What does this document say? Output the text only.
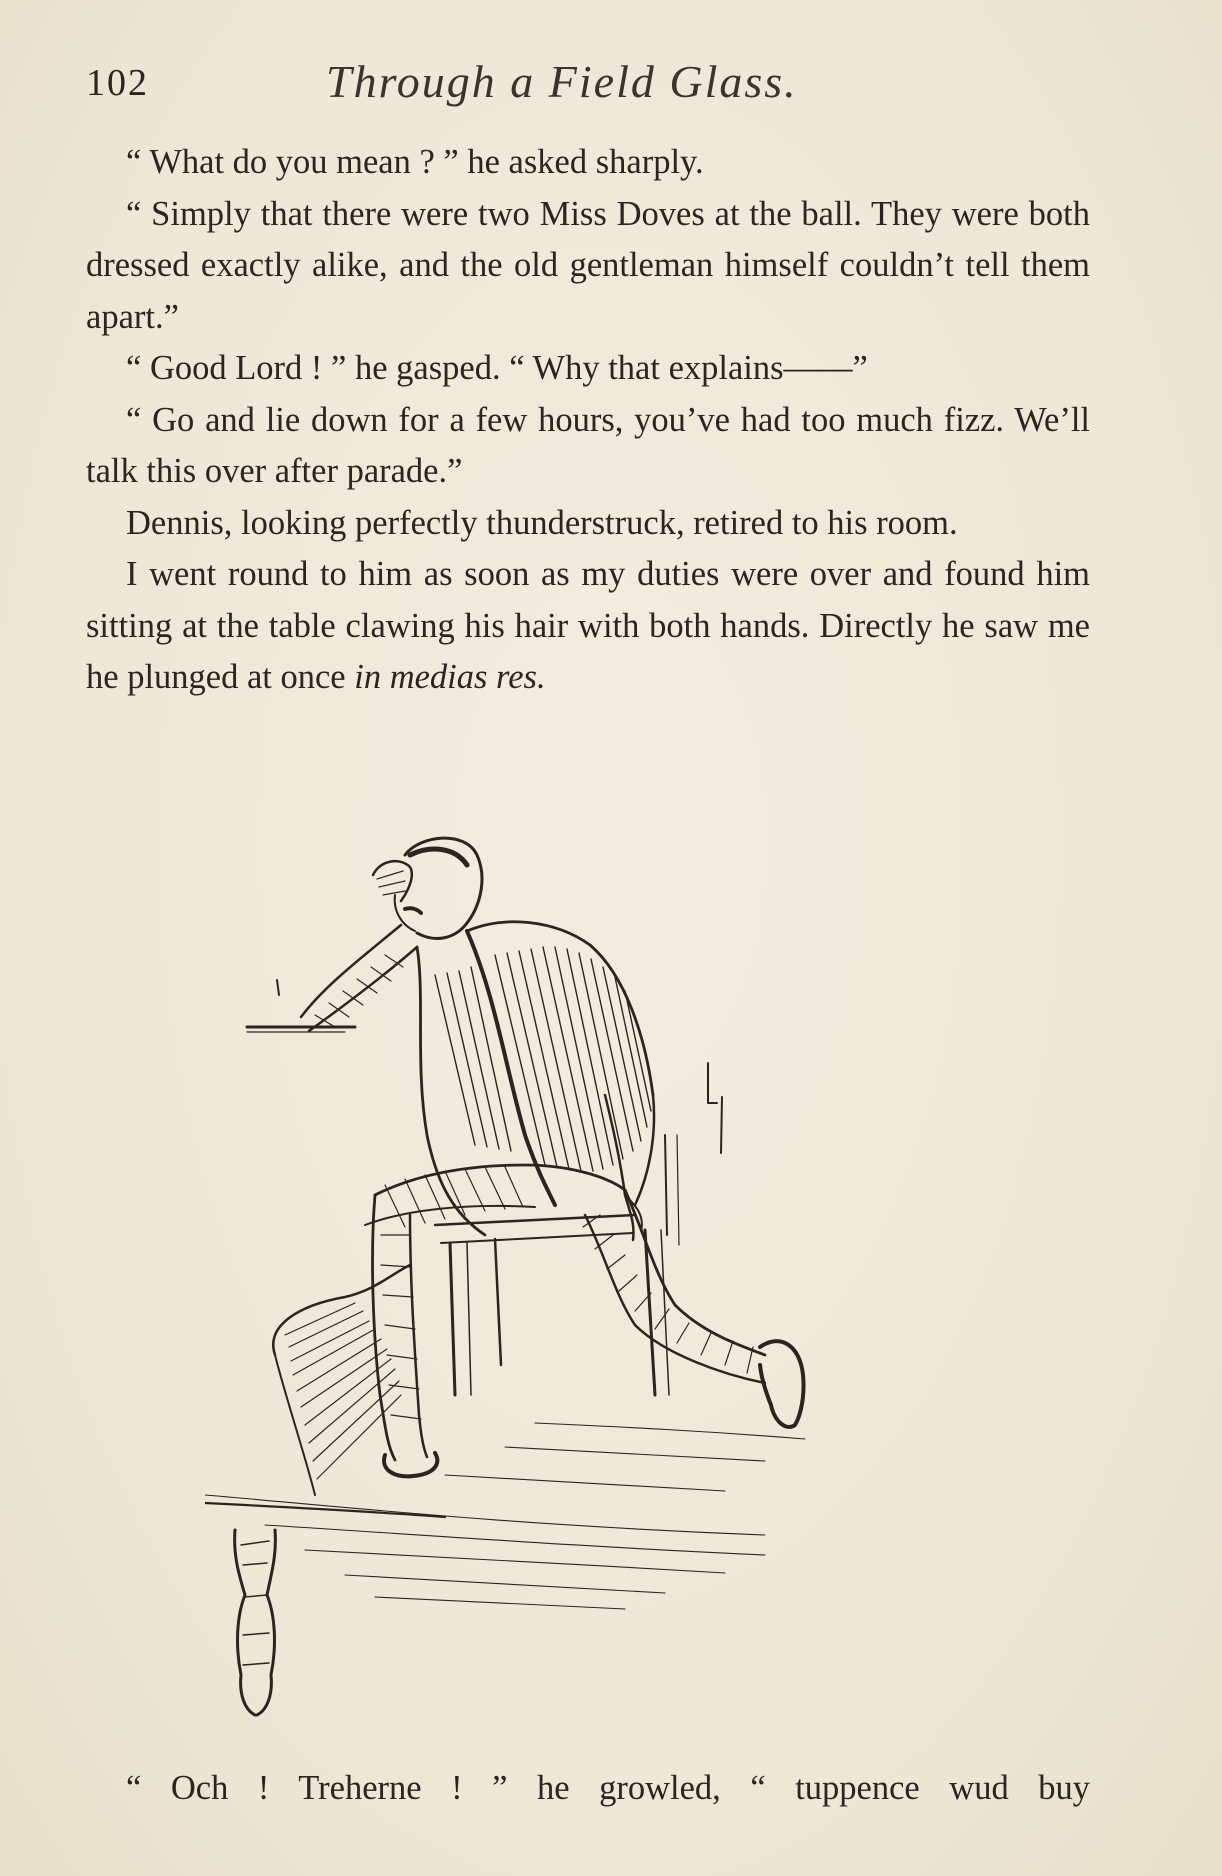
102	Through a Field Glass.

“ What do you mean ? ” he asked sharply.

“ Simply that there were two Miss Doves at the ball. They were both dressed exactly alike, and the old gentleman himself couldn’t tell them apart.”

“ Good Lord ! ” he gasped. “ Why that explains——”

“ Go and lie down for a few hours, you’ve had too much fizz. We’ll talk this over after parade.”

Dennis, looking perfectly thunderstruck, retired to his room.

I went round to him as soon as my duties were over and found him sitting at the table clawing his hair with both hands. Directly he saw me he plunged at once in medias res.

“ Och ! Treherne ! ” he growled, “ tuppence wud buy
